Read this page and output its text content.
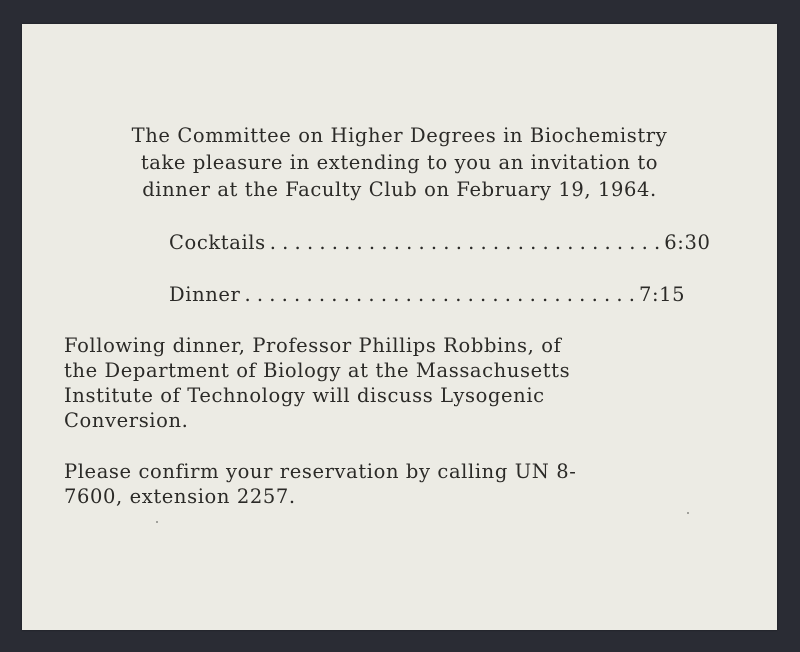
The Committee on Higher Degrees in Biochemistry

take pleasure in extending to you an invitation to

dinner at the Faculty Club on February 19, 1964.

Cocktails . . . . . . . . . . . . . . . . . . . . . . . . . . . . . . . . 6:30
Dinner . . . . . . . . . . . . . . . . . . . . . . . . . . . . . . . . 7:15

Following dinner, Professor Phillips Robbins, of

the Department of Biology at the Massachusetts

Institute of Technology will discuss Lysogenic

Conversion.

Please confirm your reservation by calling UN 8-

7600, extension 2257.
